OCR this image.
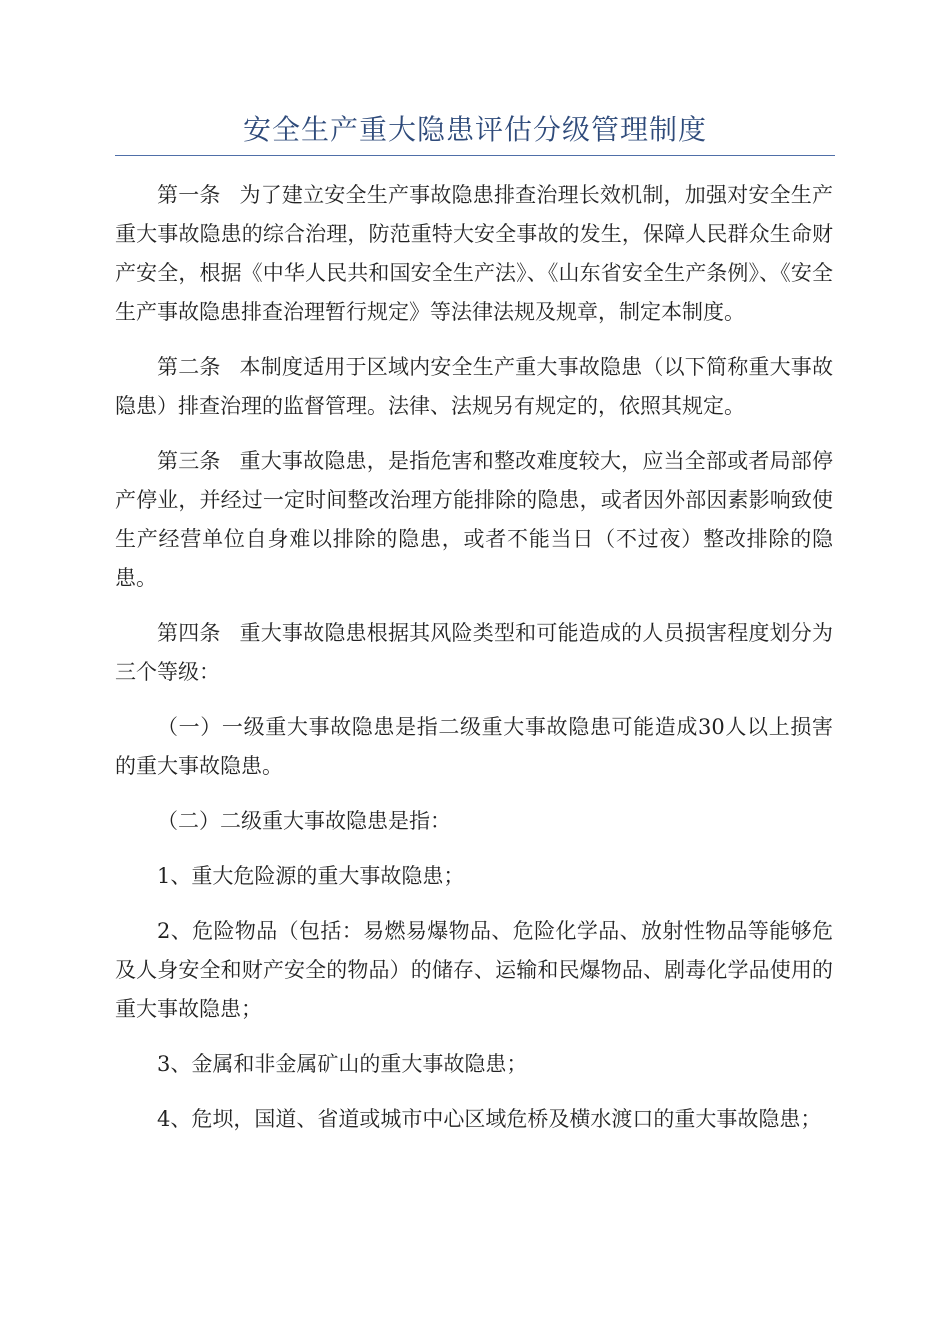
安全生产重大隐患评估分级管理制度

第一条 为了建立安全生产事故隐患排查治理长效机制，加强对安全生产重大事故隐患的综合治理，防范重特大安全事故的发生，保障人民群众生命财产安全，根据《中华人民共和国安全生产法》、《山东省安全生产条例》、《安全生产事故隐患排查治理暂行规定》等法律法规及规章，制定本制度。

第二条 本制度适用于区域内安全生产重大事故隐患（以下简称重大事故隐患）排查治理的监督管理。法律、法规另有规定的，依照其规定。

第三条 重大事故隐患，是指危害和整改难度较大，应当全部或者局部停产停业，并经过一定时间整改治理方能排除的隐患，或者因外部因素影响致使生产经营单位自身难以排除的隐患，或者不能当日（不过夜）整改排除的隐患。

第四条 重大事故隐患根据其风险类型和可能造成的人员损害程度划分为三个等级：

（一）一级重大事故隐患是指二级重大事故隐患可能造成30人以上损害的重大事故隐患。

（二）二级重大事故隐患是指：

1、重大危险源的重大事故隐患；

2、危险物品（包括：易燃易爆物品、危险化学品、放射性物品等能够危及人身安全和财产安全的物品）的储存、运输和民爆物品、剧毒化学品使用的重大事故隐患；

3、金属和非金属矿山的重大事故隐患；

4、危坝，国道、省道或城市中心区域危桥及横水渡口的重大事故隐患；
